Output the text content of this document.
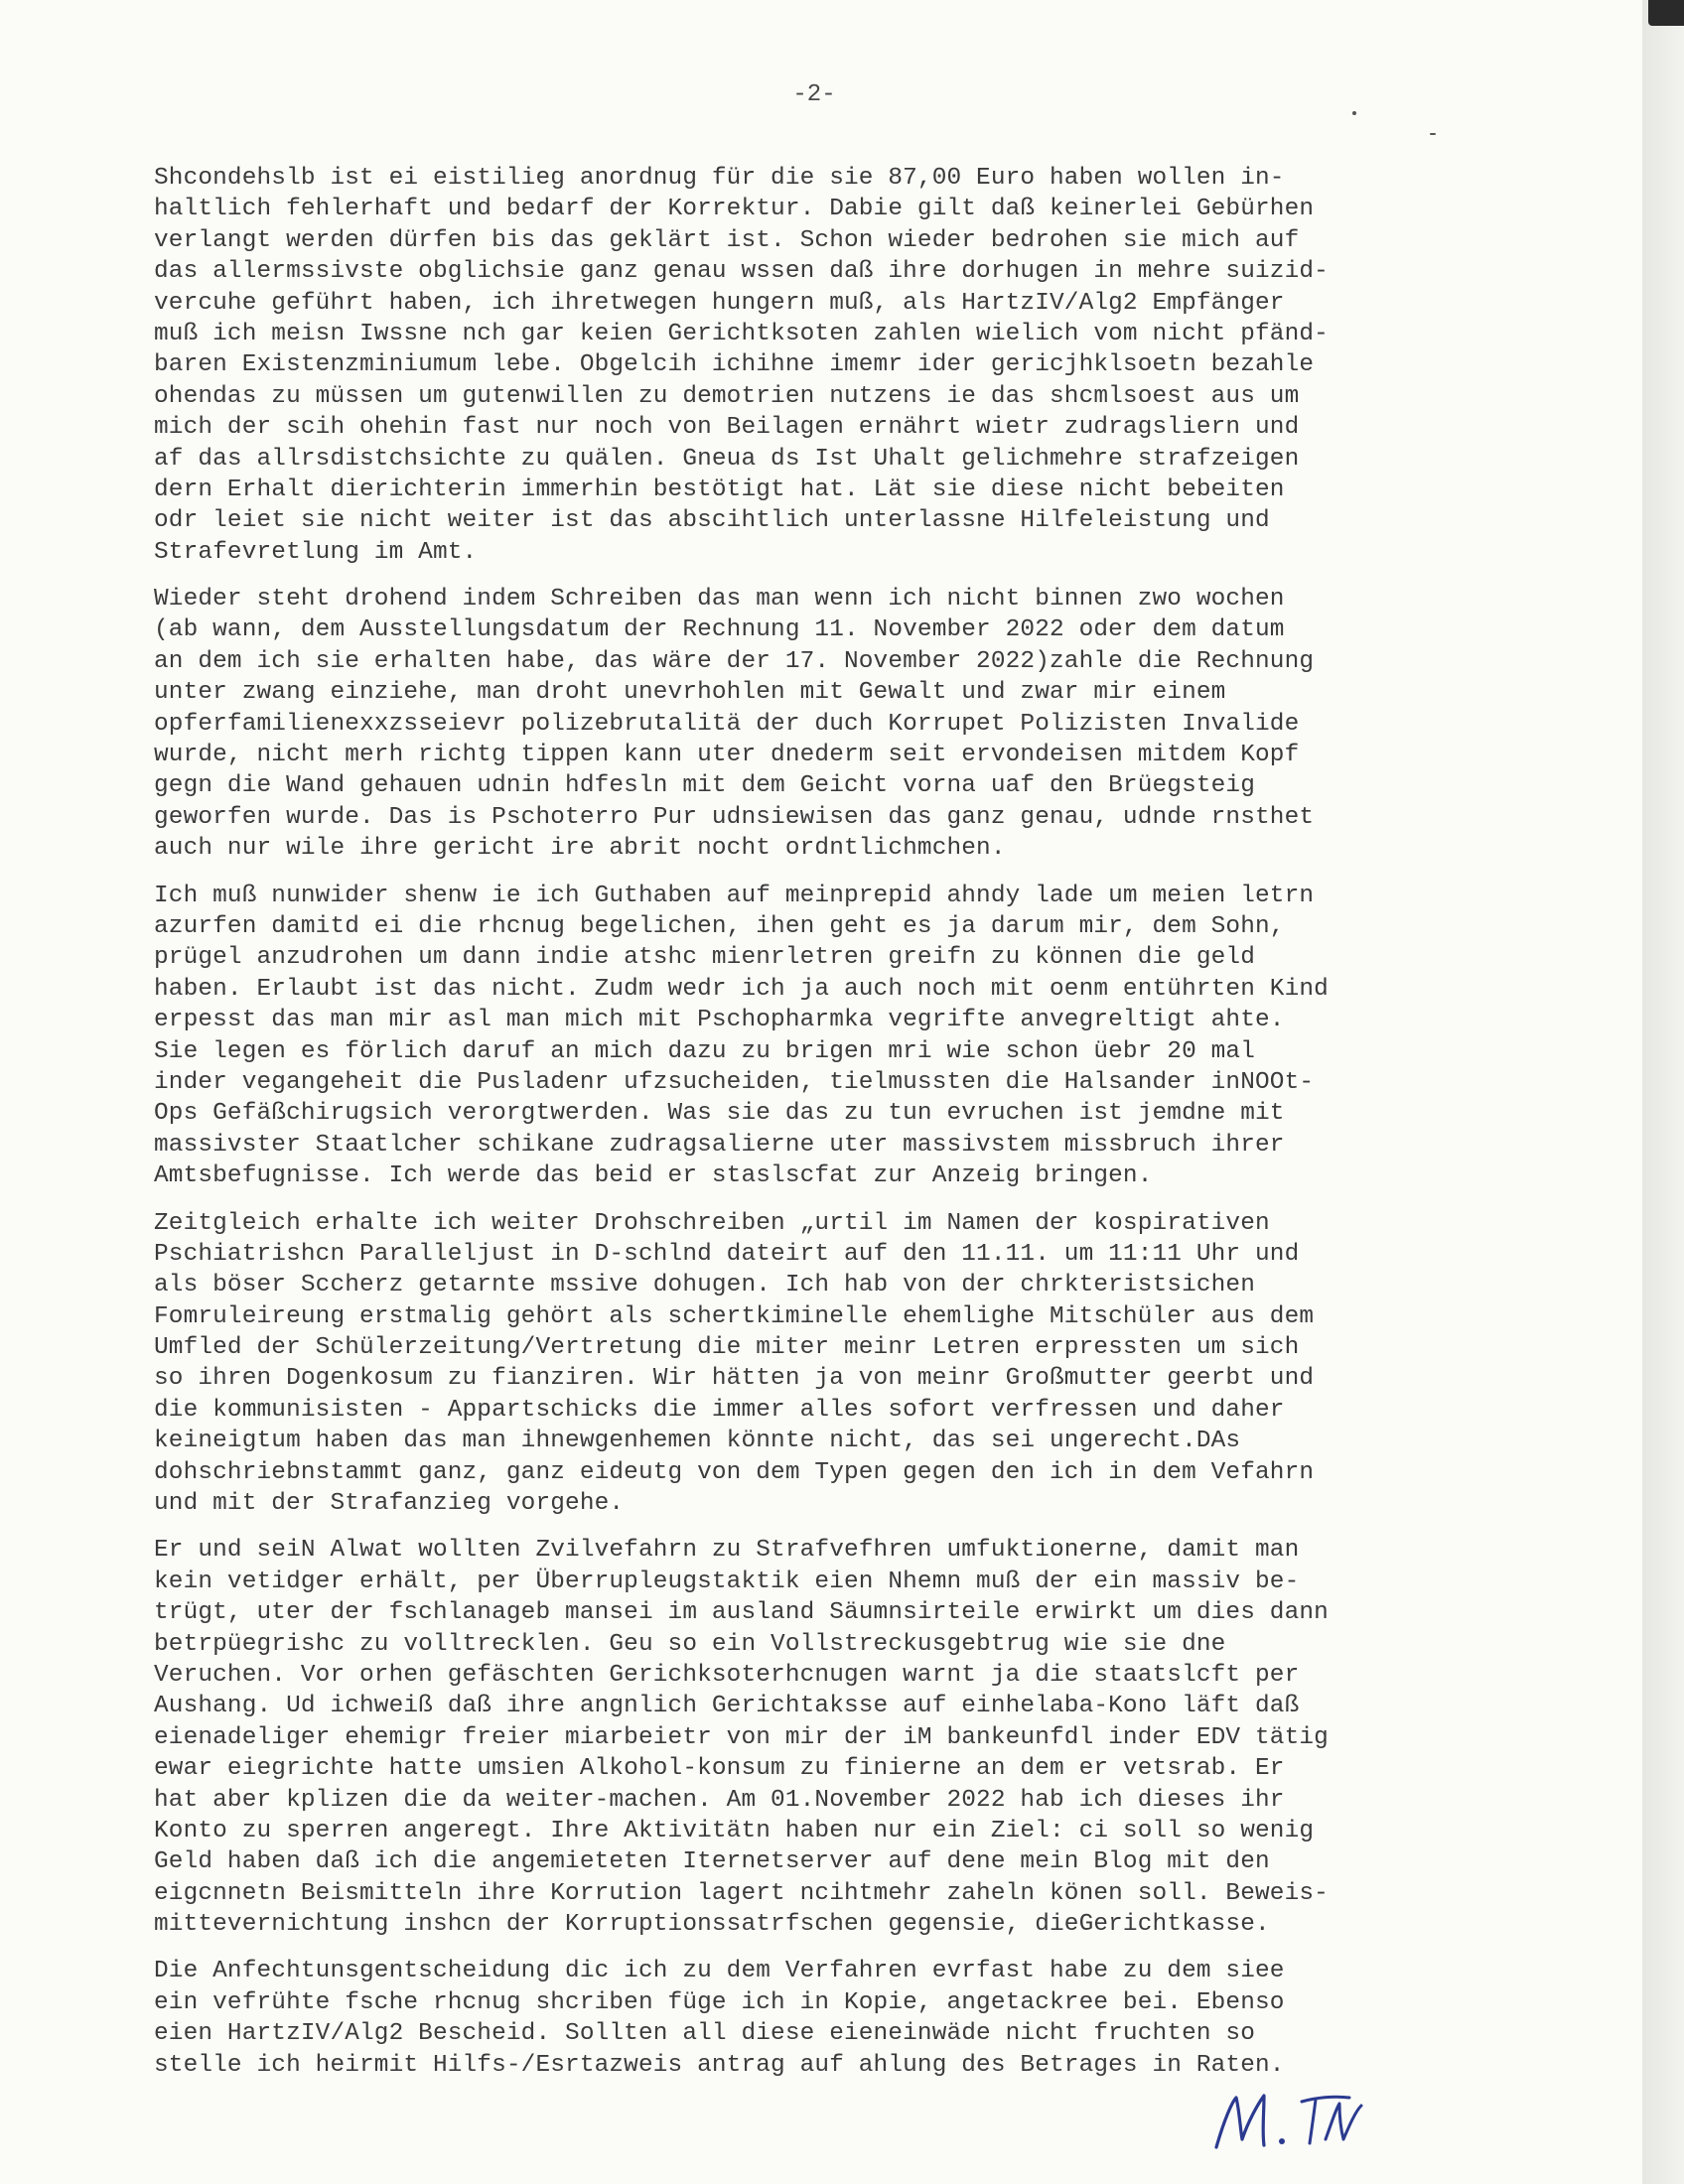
-2-
Shcondehslb ist ei eistilieg anordnug für die sie 87,00 Euro haben wollen in-
haltlich fehlerhaft und bedarf der Korrektur. Dabie gilt daß keinerlei Gebürhen
verlangt werden dürfen bis das geklärt ist. Schon wieder bedrohen sie mich auf
das allermssivste obglichsie ganz genau wssen daß ihre dorhugen in mehre suizid-
vercuhe geführt haben, ich ihretwegen hungern muß, als HartzIV/Alg2 Empfänger
muß ich meisn Iwssne nch gar keien Gerichtksoten zahlen wielich vom nicht pfänd-
baren Existenzminiumum lebe. Obgelcih ichihne imemr ider gericjhklsoetn bezahle
ohendas zu müssen um gutenwillen zu demotrien nutzens ie das shcmlsoest aus um
mich der scih ohehin fast nur noch von Beilagen ernährt wietr zudragsliern und
af das allrsdistchsichte zu quälen. Gneua ds Ist Uhalt gelichmehre strafzeigen
dern Erhalt dierichterin immerhin bestötigt hat. Lät sie diese nicht bebeiten
odr leiet sie nicht weiter ist das abscihtlich unterlassne Hilfeleistung und
Strafevretlung im Amt.
Wieder steht drohend indem Schreiben das man wenn ich nicht binnen zwo wochen
(ab wann, dem Ausstellungsdatum der Rechnung 11. November 2022 oder dem datum
an dem ich sie erhalten habe, das wäre der 17. November 2022)zahle die Rechnung
unter zwang einziehe, man droht unevrhohlen mit Gewalt und zwar mir einem
opferfamilienexxzsseievr polizebrutalitä der duch Korrupet Polizisten Invalide
wurde, nicht merh richtg tippen kann uter dnederm seit ervondeisen mitdem Kopf
gegn die Wand gehauen udnin hdfesln mit dem Geicht vorna uaf den Brüegsteig
geworfen wurde. Das is Pschoterro Pur udnsiewisen das ganz genau, udnde rnsthet
auch nur wile ihre gericht ire abrit nocht ordntlichmchen.
Ich muß nunwider shenw ie ich Guthaben auf meinprepid ahndy lade um meien letrn
azurfen damitd ei die rhcnug begelichen, ihen geht es ja darum mir, dem Sohn,
prügel anzudrohen um dann indie atshc mienrletren greifn zu können die geld
haben. Erlaubt ist das nicht. Zudm wedr ich ja auch noch mit oenm entührten Kind
erpesst das man mir asl man mich mit Pschopharmka vegrifte anvegreltigt ahte.
Sie legen es förlich daruf an mich dazu zu brigen mri wie schon üebr 20 mal
inder vegangeheit die Pusladenr ufzsucheiden, tielmussten die Halsander inNOOt-
Ops Gefäßchirugsich verorgtwerden. Was sie das zu tun evruchen ist jemdne mit
massivster Staatlcher schikane zudragsalierne uter massivstem missbruch ihrer
Amtsbefugnisse. Ich werde das beid er staslscfat zur Anzeig bringen.
Zeitgleich erhalte ich weiter Drohschreiben „urtil im Namen der kospirativen
Pschiatrishcn Paralleljust in D-schlnd dateirt auf den 11.11. um 11:11 Uhr und
als böser Sccherz getarnte mssive dohugen. Ich hab von der chrkteristsichen
Fomruleireung erstmalig gehört als schertkiminelle ehemlighe Mitschüler aus dem
Umfled der Schülerzeitung/Vertretung die miter meinr Letren erpressten um sich
so ihren Dogenkosum zu fianziren. Wir hätten ja von meinr Großmutter geerbt und
die kommunisisten - Appartschicks die immer alles sofort verfressen und daher
keineigtum haben das man ihnewgenhemen könnte nicht, das sei ungerecht.DAs
dohschriebnstammt ganz, ganz eideutg von dem Typen gegen den ich in dem Vefahrn
und mit der Strafanzieg vorgehe.
Er und seiN Alwat wollten Zvilvefahrn zu Strafvefhren umfuktionerne, damit man
kein vetidger erhält, per Überrupleugstaktik eien Nhemn muß der ein massiv be-
trügt, uter der fschlanageb mansei im ausland Säumnsirteile erwirkt um dies dann
betrpüegrishc zu volltrecklen. Geu so ein Vollstreckusgebtrug wie sie dne
Veruchen. Vor orhen gefäschten Gerichksoterhcnugen warnt ja die staatslcft per
Aushang. Ud ichweiß daß ihre angnlich Gerichtaksse auf einhelaba-Kono läft daß
eienadeliger ehemigr freier miarbeietr von mir der iM bankeunfdl inder EDV tätig
ewar eiegrichte hatte umsien Alkohol-konsum zu finierne an dem er vetsrab. Er
hat aber kplizen die da weiter-machen. Am 01.November 2022 hab ich dieses ihr
Konto zu sperren angeregt. Ihre Aktivitätn haben nur ein Ziel: ci soll so wenig
Geld haben daß ich die angemieteten Iternetserver auf dene mein Blog mit den
eigcnnetn Beismitteln ihre Korrution lagert ncihtmehr zaheln könen soll. Beweis-
mittevernichtung inshcn der Korruptionssatrfschen gegensie, dieGerichtkasse.
Die Anfechtunsgentscheidung dic ich zu dem Verfahren evrfast habe zu dem siee
ein vefrühte fsche rhcnug shcriben füge ich in Kopie, angetackree bei. Ebenso
eien HartzIV/Alg2 Bescheid. Sollten all diese eieneinwäde nicht fruchten so
stelle ich heirmit Hilfs-/Esrtazweis antrag auf ahlung des Betrages in Raten.
